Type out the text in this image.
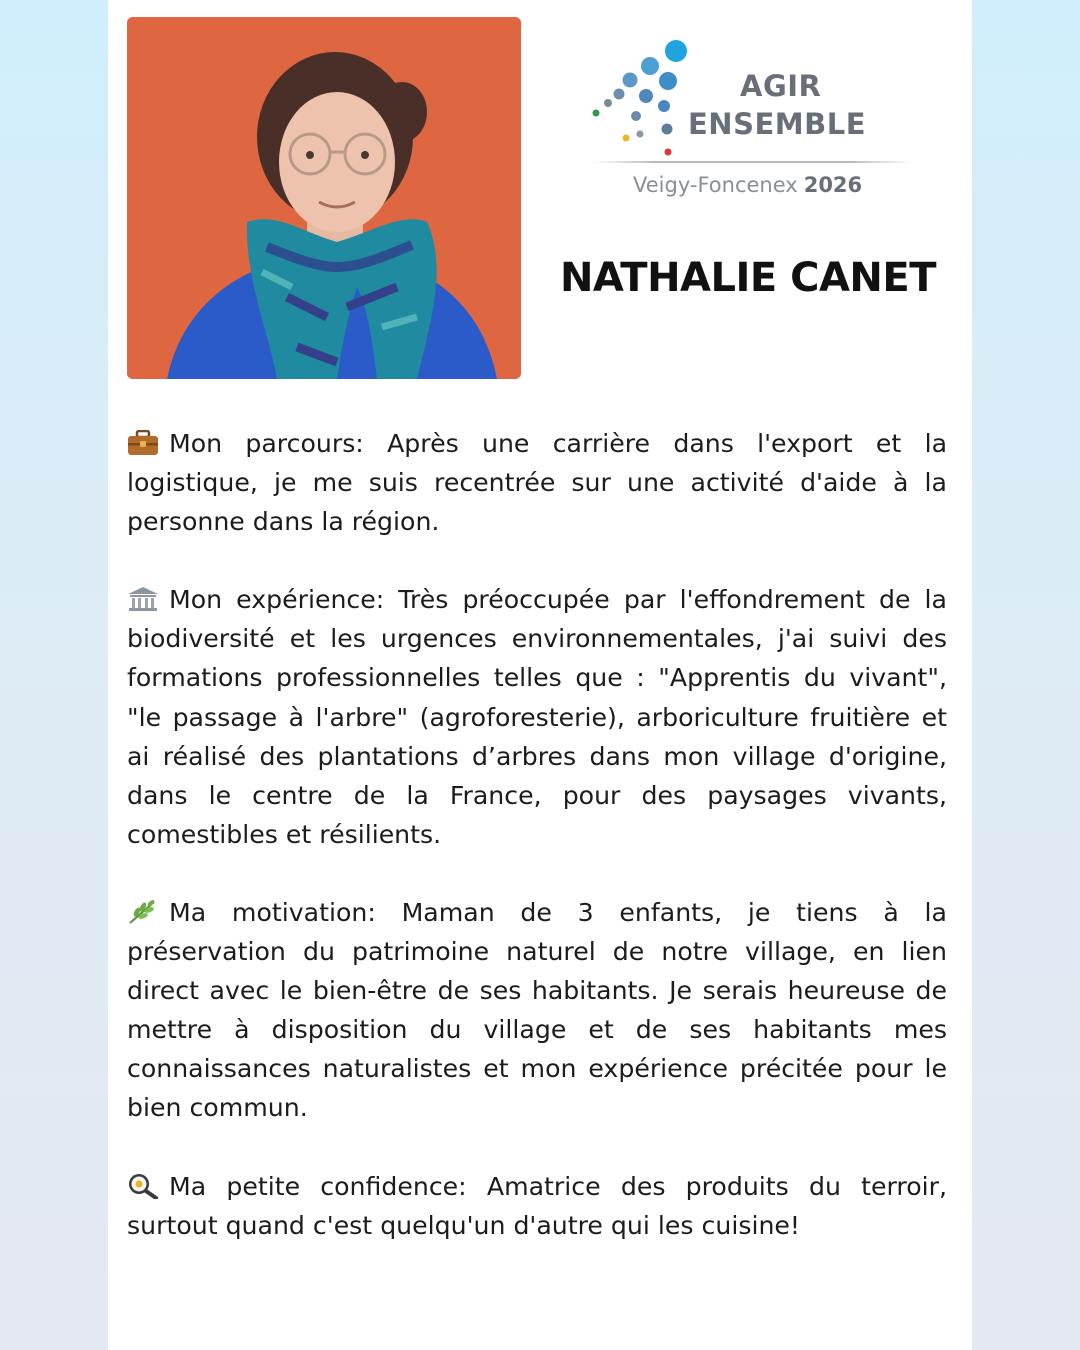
AGIR
ENSEMBLE
Veigy-Foncenex 2026
NATHALIE CANET

Mon parcours: Après une carrière dans l'export et la logistique, je me suis recentrée sur une activité d'aide à la personne dans la région.

Mon expérience: Très préoccupée par l'effondrement de la biodiversité et les urgences environnementales, j'ai suivi des formations professionnelles telles que : "Apprentis du vivant", "le passage à l'arbre" (agroforesterie), arboriculture fruitière et ai réalisé des plantations d’arbres dans mon village d'origine, dans le centre de la France, pour des paysages vivants, comestibles et résilients.

Ma motivation: Maman de 3 enfants, je tiens à la préservation du patrimoine naturel de notre village, en lien direct avec le bien-être de ses habitants. Je serais heureuse de mettre à disposition du village et de ses habitants mes connaissances naturalistes et mon expérience précitée pour le bien commun.

Ma petite confidence: Amatrice des produits du terroir, surtout quand c'est quelqu'un d'autre qui les cuisine!
